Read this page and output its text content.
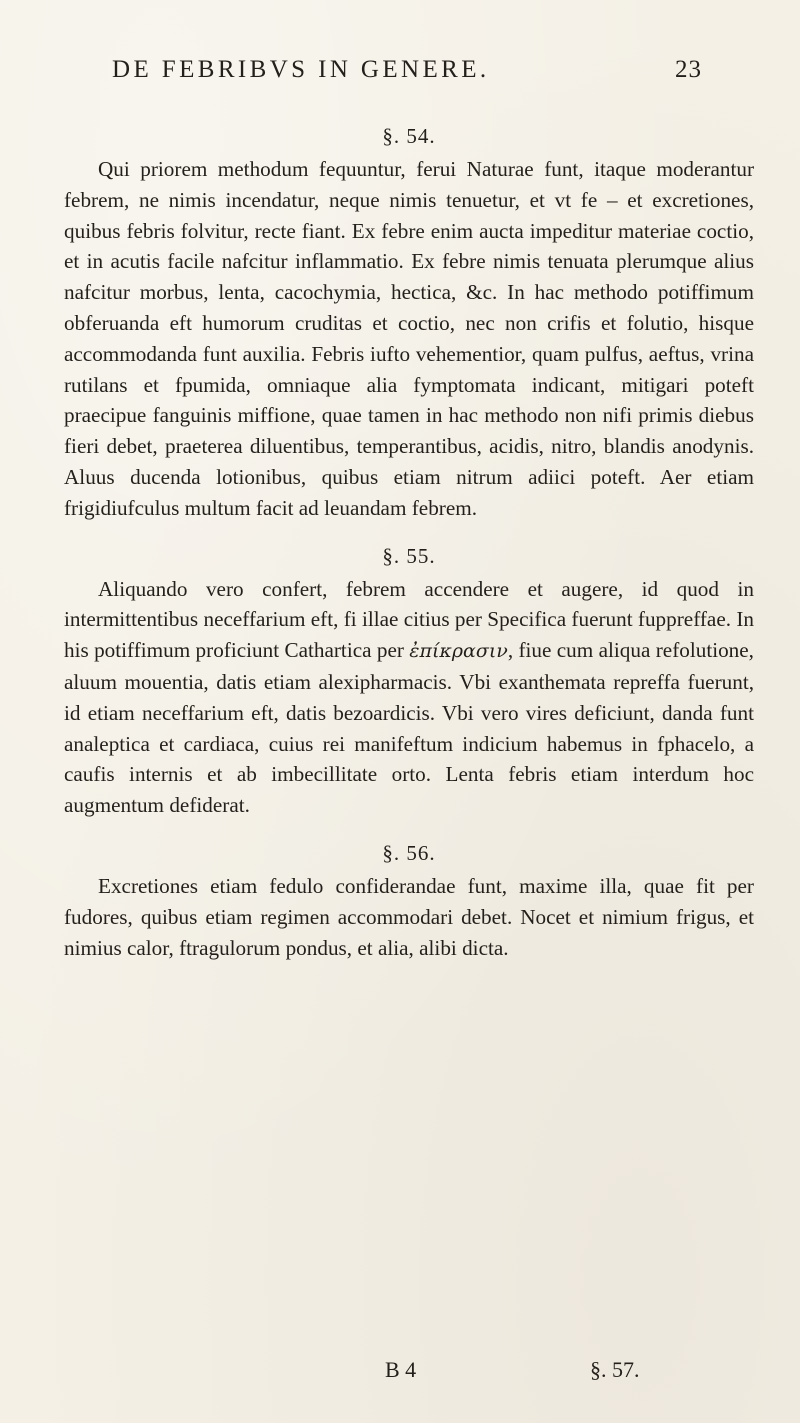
DE FEBRIBVS IN GENERE.	23
§. 54.

Qui priorem methodum fequuntur, ferui Naturae funt, itaque moderantur febrem, ne nimis incendatur, neque nimis tenuetur, et vt fe – et excretiones, quibus febris folvitur, recte fiant. Ex febre enim aucta impeditur materiae coctio, et in acutis facile nafcitur inflammatio. Ex febre nimis tenuata plerumque alius nafcitur morbus, lenta, cacochymia, hectica, &c. In hac methodo potiffimum obferuanda eft humorum cruditas et coctio, nec non crifis et folutio, hisque accommodanda funt auxilia. Febris iufto vehementior, quam pulfus, aeftus, vrina rutilans et fpumida, omniaque alia fymptomata indicant, mitigari poteft praecipue fanguinis miffione, quae tamen in hac methodo non nifi primis diebus fieri debet, praeterea diluentibus, temperantibus, acidis, nitro, blandis anodynis. Aluus ducenda lotionibus, quibus etiam nitrum adiici poteft. Aer etiam frigidiufculus multum facit ad leuandam febrem.

§. 55.

Aliquando vero confert, febrem accendere et augere, id quod in intermittentibus neceffarium eft, fi illae citius per Specifica fuerunt fuppreffae. In his potiffimum proficiunt Cathartica per ἐπίκρασιν, fiue cum aliqua refolutione, aluum mouentia, datis etiam alexipharmacis. Vbi exanthemata repreffa fuerunt, id etiam neceffarium eft, datis bezoardicis. Vbi vero vires deficiunt, danda funt analeptica et cardiaca, cuius rei manifeftum indicium habemus in fphacelo, a caufis internis et ab imbecillitate orto. Lenta febris etiam interdum hoc augmentum defiderat.

§. 56.

Excretiones etiam fedulo confiderandae funt, maxime illa, quae fit per fudores, quibus etiam regimen accommodari debet. Nocet et nimium frigus, et nimius calor, ftragulorum pondus, et alia, alibi dicta.

B 4	§. 57.
